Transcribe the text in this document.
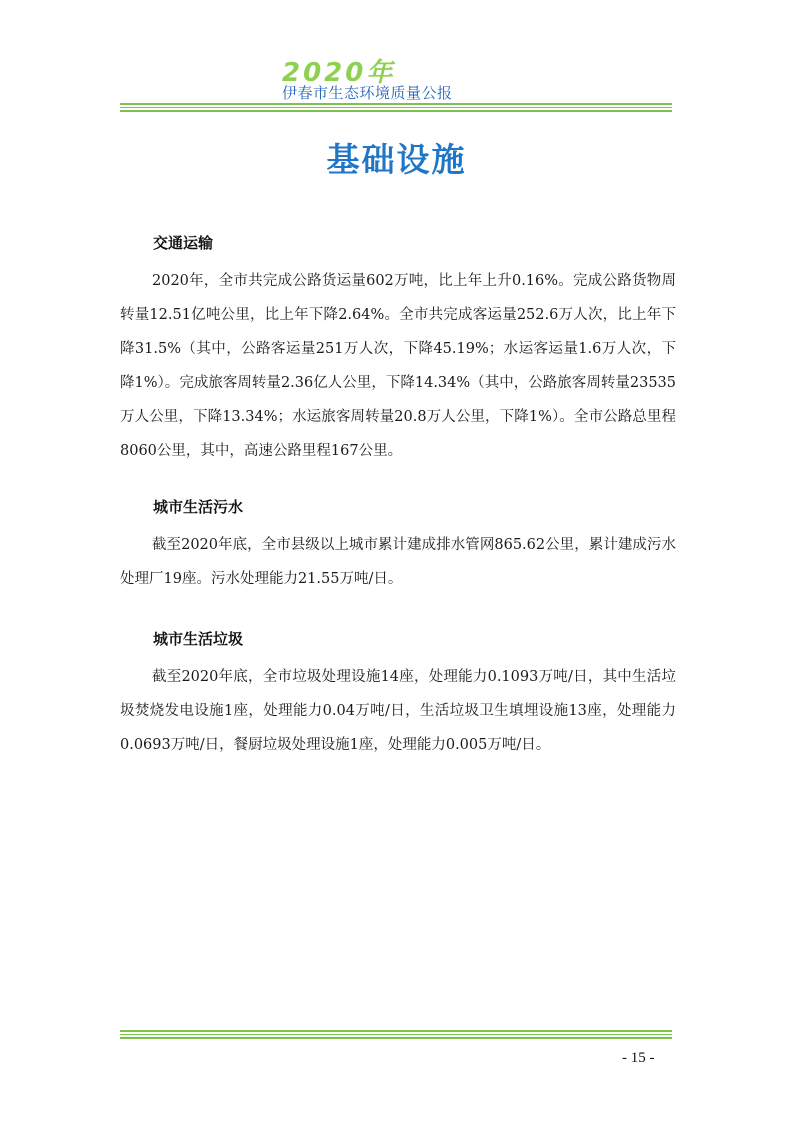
2020年
伊春市生态环境质量公报
基础设施
交通运输

2020年，全市共完成公路货运量602万吨，比上年上升0.16%。完成公路货物周转量12.51亿吨公里，比上年下降2.64%。全市共完成客运量252.6万人次，比上年下降31.5%（其中，公路客运量251万人次，下降45.19%；水运客运量1.6万人次，下降1%）。完成旅客周转量2.36亿人公里，下降14.34%（其中，公路旅客周转量23535万人公里，下降13.34%；水运旅客周转量20.8万人公里，下降1%）。全市公路总里程8060公里，其中，高速公路里程167公里。

城市生活污水

截至2020年底，全市县级以上城市累计建成排水管网865.62公里，累计建成污水处理厂19座。污水处理能力21.55万吨/日。

城市生活垃圾

截至2020年底，全市垃圾处理设施14座，处理能力0.1093万吨/日，其中生活垃圾焚烧发电设施1座，处理能力0.04万吨/日，生活垃圾卫生填埋设施13座，处理能力0.0693万吨/日，餐厨垃圾处理设施1座，处理能力0.005万吨/日。

- 15 -
